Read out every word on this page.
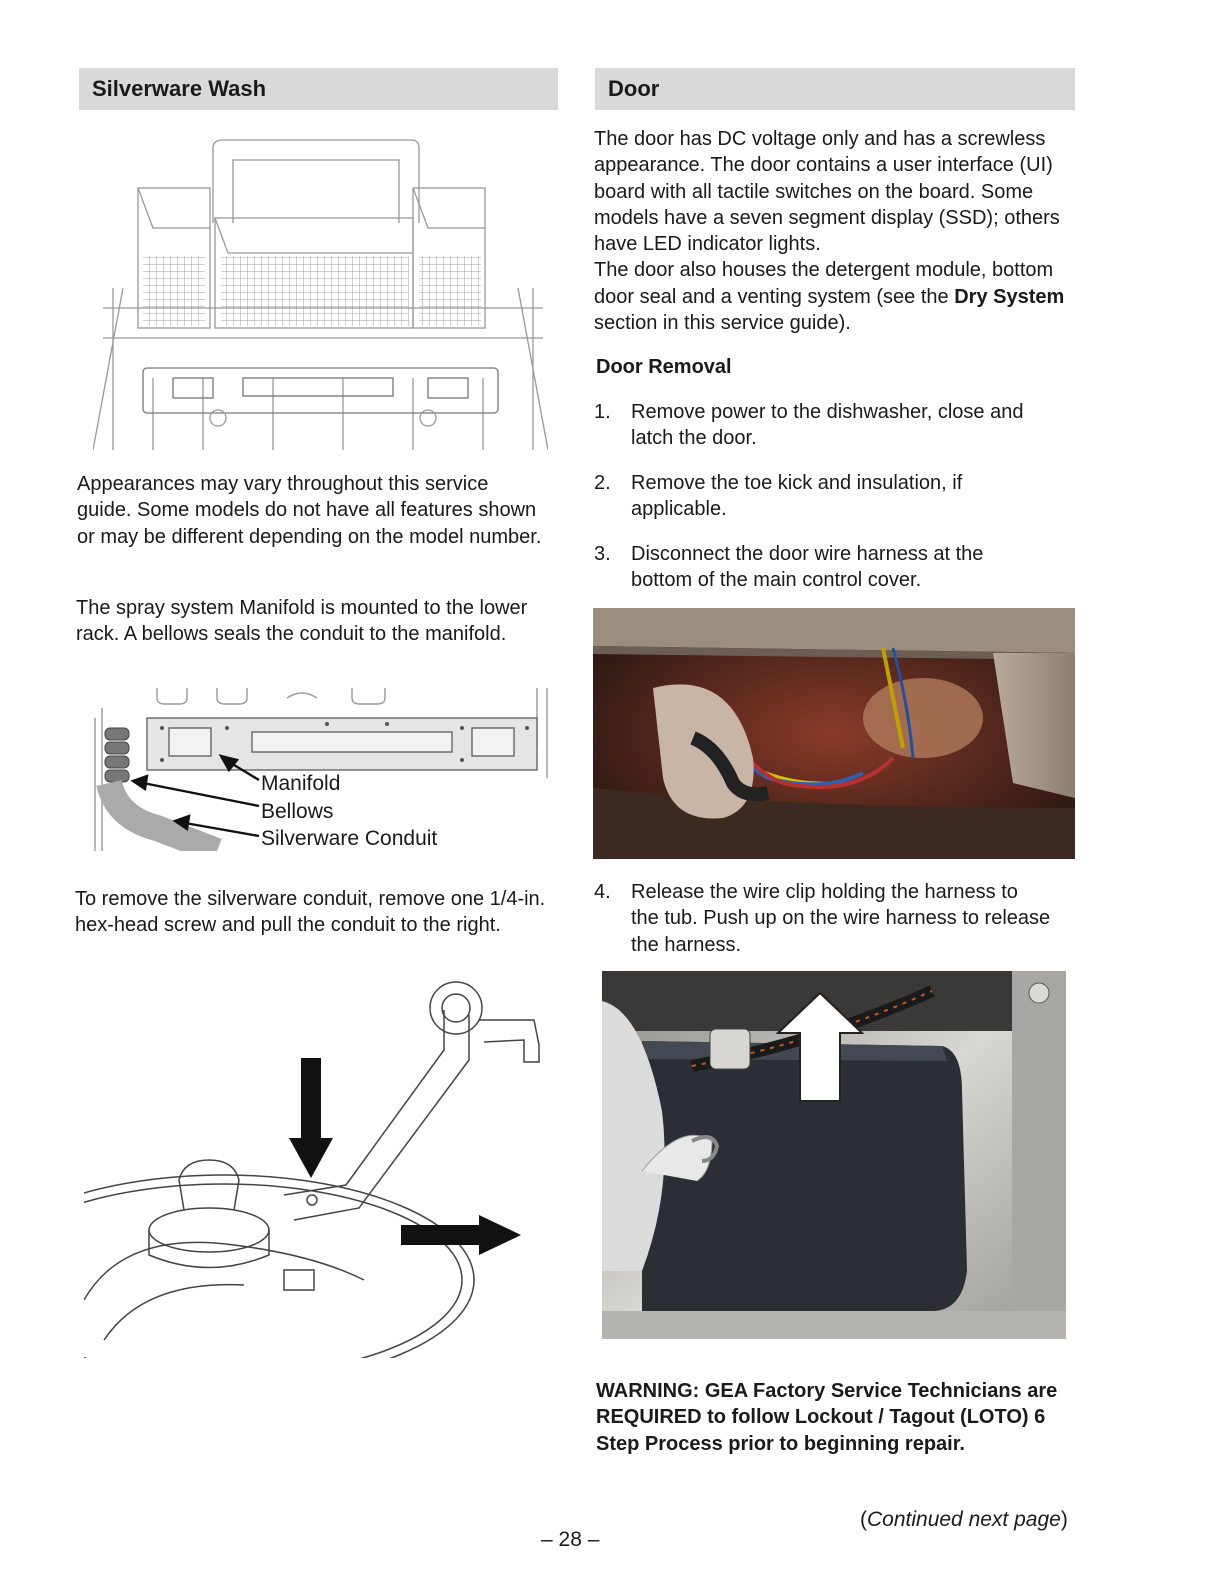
Silverware Wash

Appearances may vary throughout this service guide. Some models do not have all features shown or may be different depending on the model number.

The spray system Manifold is mounted to the lower rack. A bellows seals the conduit to the manifold.

Manifold
Bellows
Silverware Conduit

To remove the silverware conduit, remove one 1/4-in. hex-head screw and pull the conduit to the right.

Door

The door has DC voltage only and has a screwless appearance. The door contains a user interface (UI) board with all tactile switches on the board. Some models have a seven segment display (SSD); others have LED indicator lights.

The door also houses the detergent module, bottom door seal and a venting system (see the Dry System section in this service guide).

Door Removal

1. Remove power to the dishwasher, close and latch the door.
2. Remove the toe kick and insulation, if applicable.
3. Disconnect the door wire harness at the bottom of the main control cover.
4. Release the wire clip holding the harness to the tub. Push up on the wire harness to release the harness.

WARNING: GEA Factory Service Technicians are REQUIRED to follow Lockout / Tagout (LOTO) 6 Step Process prior to beginning repair.

(Continued next page)
– 28 –
